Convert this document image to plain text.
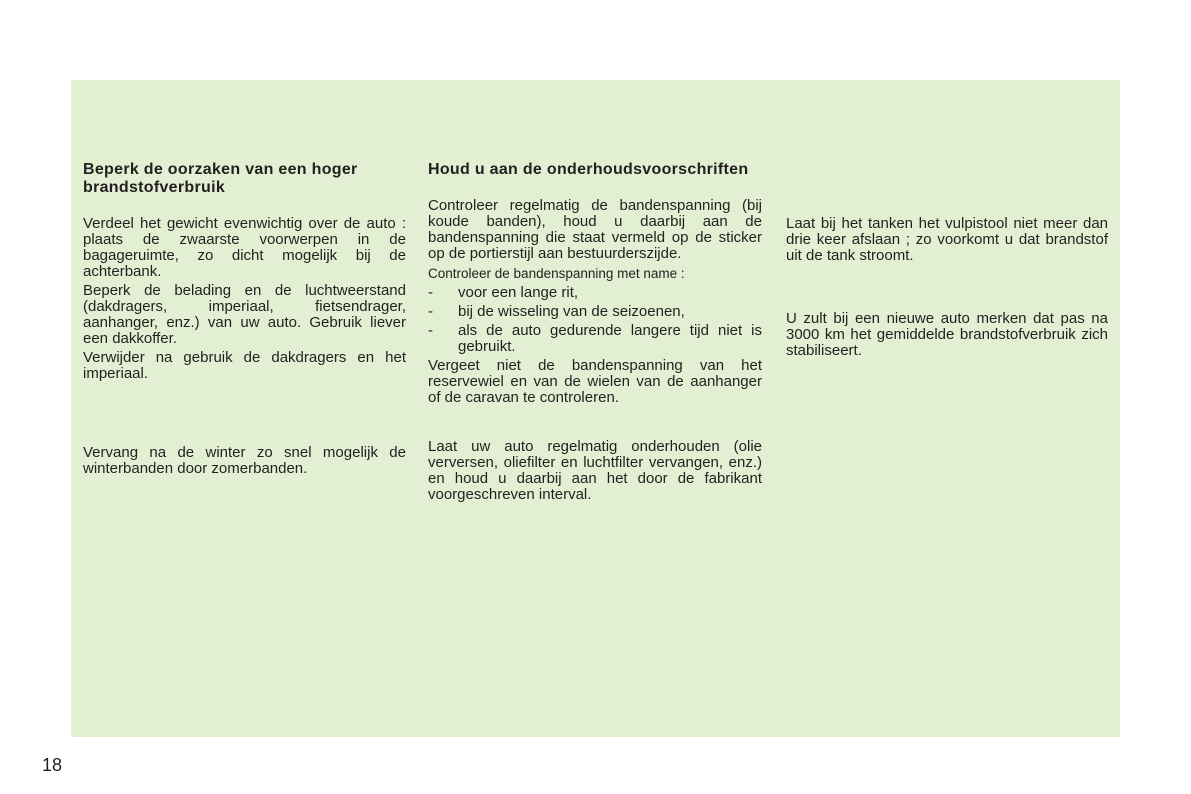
Beperk de oorzaken van een hoger brandstofverbruik

Verdeel het gewicht evenwichtig over de auto : plaats de zwaarste voorwerpen in de bagageruimte, zo dicht mogelijk bij de achterbank.

Beperk de belading en de luchtweerstand (dakdragers, imperiaal, fietsendrager, aanhanger, enz.) van uw auto. Gebruik liever een dakkoffer.

Verwijder na gebruik de dakdragers en het imperiaal.

Vervang na de winter zo snel mogelijk de winterbanden door zomerbanden.

Houd u aan de onderhoudsvoorschriften

Controleer regelmatig de bandenspanning (bij koude banden), houd u daarbij aan de bandenspanning die staat vermeld op de sticker op de portierstijl aan bestuurderszijde.

Controleer de bandenspanning met name :

- voor een lange rit,
- bij de wisseling van de seizoenen,
- als de auto gedurende langere tijd niet is gebruikt.

Vergeet niet de bandenspanning van het reservewiel en van de wielen van de aanhanger of de caravan te controleren.

Laat uw auto regelmatig onderhouden (olie verversen, oliefilter en luchtfilter vervangen, enz.) en houd u daarbij aan het door de fabrikant voorgeschreven interval.

Laat bij het tanken het vulpistool niet meer dan drie keer afslaan ; zo voorkomt u dat brandstof uit de tank stroomt.

U zult bij een nieuwe auto merken dat pas na 3000 km het gemiddelde brandstofverbruik zich stabiliseert.

18
